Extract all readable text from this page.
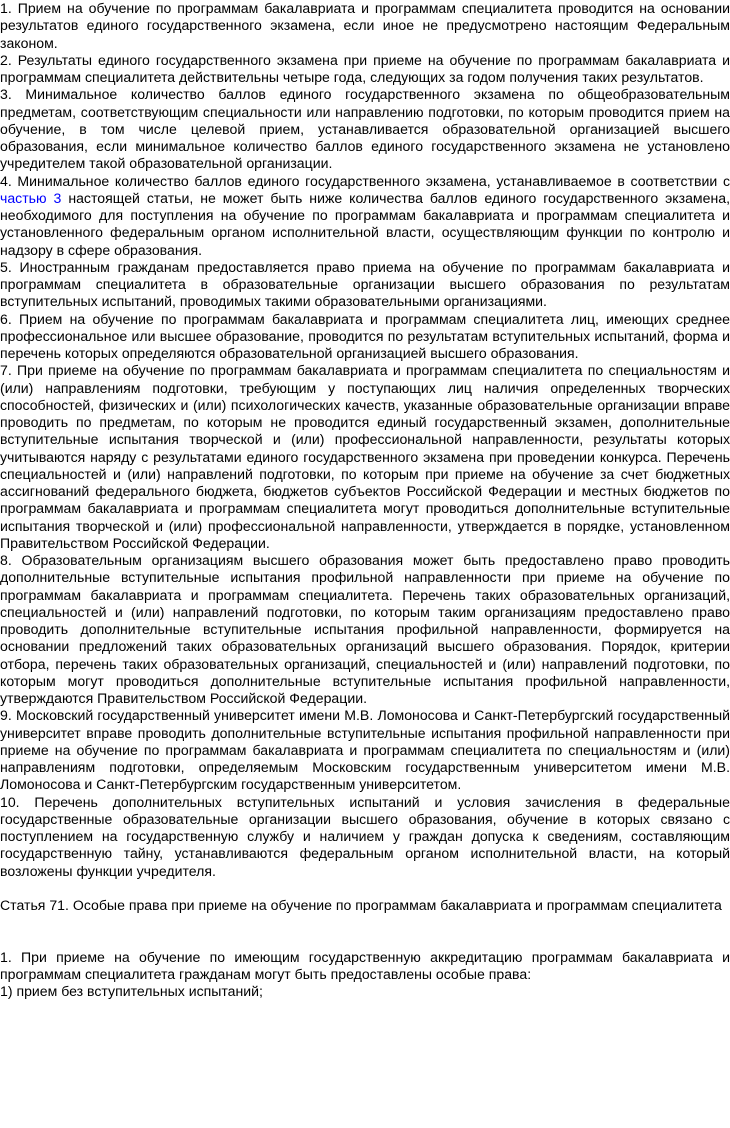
1. Прием на обучение по программам бакалавриата и программам специалитета проводится на основании результатов единого государственного экзамена, если иное не предусмотрено настоящим Федеральным законом.

2. Результаты единого государственного экзамена при приеме на обучение по программам бакалавриата и программам специалитета действительны четыре года, следующих за годом получения таких результатов.

3. Минимальное количество баллов единого государственного экзамена по общеобразовательным предметам, соответствующим специальности или направлению подготовки, по которым проводится прием на обучение, в том числе целевой прием, устанавливается образовательной организацией высшего образования, если минимальное количество баллов единого государственного экзамена не установлено учредителем такой образовательной организации.

4. Минимальное количество баллов единого государственного экзамена, устанавливаемое в соответствии с частью 3 настоящей статьи, не может быть ниже количества баллов единого государственного экзамена, необходимого для поступления на обучение по программам бакалавриата и программам специалитета и установленного федеральным органом исполнительной власти, осуществляющим функции по контролю и надзору в сфере образования.

5. Иностранным гражданам предоставляется право приема на обучение по программам бакалавриата и программам специалитета в образовательные организации высшего образования по результатам вступительных испытаний, проводимых такими образовательными организациями.

6. Прием на обучение по программам бакалавриата и программам специалитета лиц, имеющих среднее профессиональное или высшее образование, проводится по результатам вступительных испытаний, форма и перечень которых определяются образовательной организацией высшего образования.

7. При приеме на обучение по программам бакалавриата и программам специалитета по специальностям и (или) направлениям подготовки, требующим у поступающих лиц наличия определенных творческих способностей, физических и (или) психологических качеств, указанные образовательные организации вправе проводить по предметам, по которым не проводится единый государственный экзамен, дополнительные вступительные испытания творческой и (или) профессиональной направленности, результаты которых учитываются наряду с результатами единого государственного экзамена при проведении конкурса. Перечень специальностей и (или) направлений подготовки, по которым при приеме на обучение за счет бюджетных ассигнований федерального бюджета, бюджетов субъектов Российской Федерации и местных бюджетов по программам бакалавриата и программам специалитета могут проводиться дополнительные вступительные испытания творческой и (или) профессиональной направленности, утверждается в порядке, установленном Правительством Российской Федерации.

8. Образовательным организациям высшего образования может быть предоставлено право проводить дополнительные вступительные испытания профильной направленности при приеме на обучение по программам бакалавриата и программам специалитета. Перечень таких образовательных организаций, специальностей и (или) направлений подготовки, по которым таким организациям предоставлено право проводить дополнительные вступительные испытания профильной направленности, формируется на основании предложений таких образовательных организаций высшего образования. Порядок, критерии отбора, перечень таких образовательных организаций, специальностей и (или) направлений подготовки, по которым могут проводиться дополнительные вступительные испытания профильной направленности, утверждаются Правительством Российской Федерации.

9. Московский государственный университет имени М.В. Ломоносова и Санкт-Петербургский государственный университет вправе проводить дополнительные вступительные испытания профильной направленности при приеме на обучение по программам бакалавриата и программам специалитета по специальностям и (или) направлениям подготовки, определяемым Московским государственным университетом имени М.В. Ломоносова и Санкт-Петербургским государственным университетом.

10. Перечень дополнительных вступительных испытаний и условия зачисления в федеральные государственные образовательные организации высшего образования, обучение в которых связано с поступлением на государственную службу и наличием у граждан допуска к сведениям, составляющим государственную тайну, устанавливаются федеральным органом исполнительной власти, на который возложены функции учредителя.

Статья 71. Особые права при приеме на обучение по программам бакалавриата и программам специалитета

1. При приеме на обучение по имеющим государственную аккредитацию программам бакалавриата и программам специалитета гражданам могут быть предоставлены особые права:

1) прием без вступительных испытаний;
